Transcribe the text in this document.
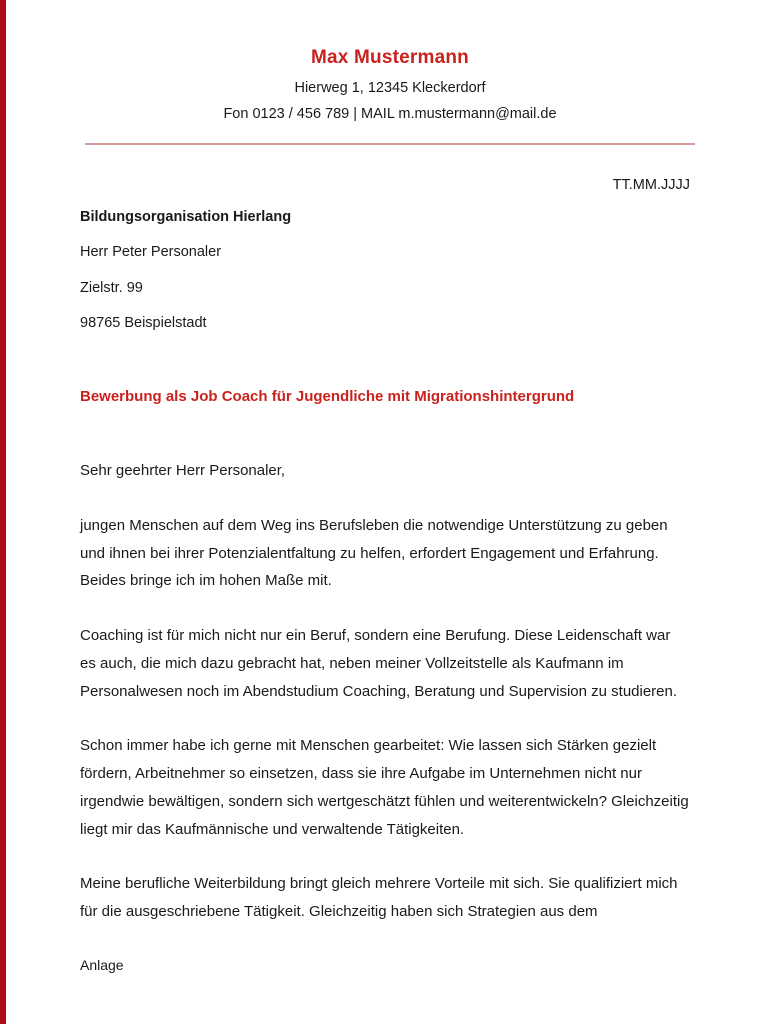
Max Mustermann
Hierweg 1, 12345 Kleckerdorf
Fon 0123 / 456 789 | MAIL m.mustermann@mail.de
TT.MM.JJJJ
Bildungsorganisation Hierlang
Herr Peter Personaler
Zielstr. 99
98765 Beispielstadt
Bewerbung als Job Coach für Jugendliche mit Migrationshintergrund
Sehr geehrter Herr Personaler,
jungen Menschen auf dem Weg ins Berufsleben die notwendige Unterstützung zu geben und ihnen bei ihrer Potenzialentfaltung zu helfen, erfordert Engagement und Erfahrung. Beides bringe ich im hohen Maße mit.
Coaching ist für mich nicht nur ein Beruf, sondern eine Berufung. Diese Leidenschaft war es auch, die mich dazu gebracht hat, neben meiner Vollzeitstelle als Kaufmann im Personalwesen noch im Abendstudium Coaching, Beratung und Supervision zu studieren.
Schon immer habe ich gerne mit Menschen gearbeitet: Wie lassen sich Stärken gezielt fördern, Arbeitnehmer so einsetzen, dass sie ihre Aufgabe im Unternehmen nicht nur irgendwie bewältigen, sondern sich wertgeschätzt fühlen und weiterentwickeln? Gleichzeitig liegt mir das Kaufmännische und verwaltende Tätigkeiten.
Meine berufliche Weiterbildung bringt gleich mehrere Vorteile mit sich. Sie qualifiziert mich für die ausgeschriebene Tätigkeit. Gleichzeitig haben sich Strategien aus dem
Anlage
